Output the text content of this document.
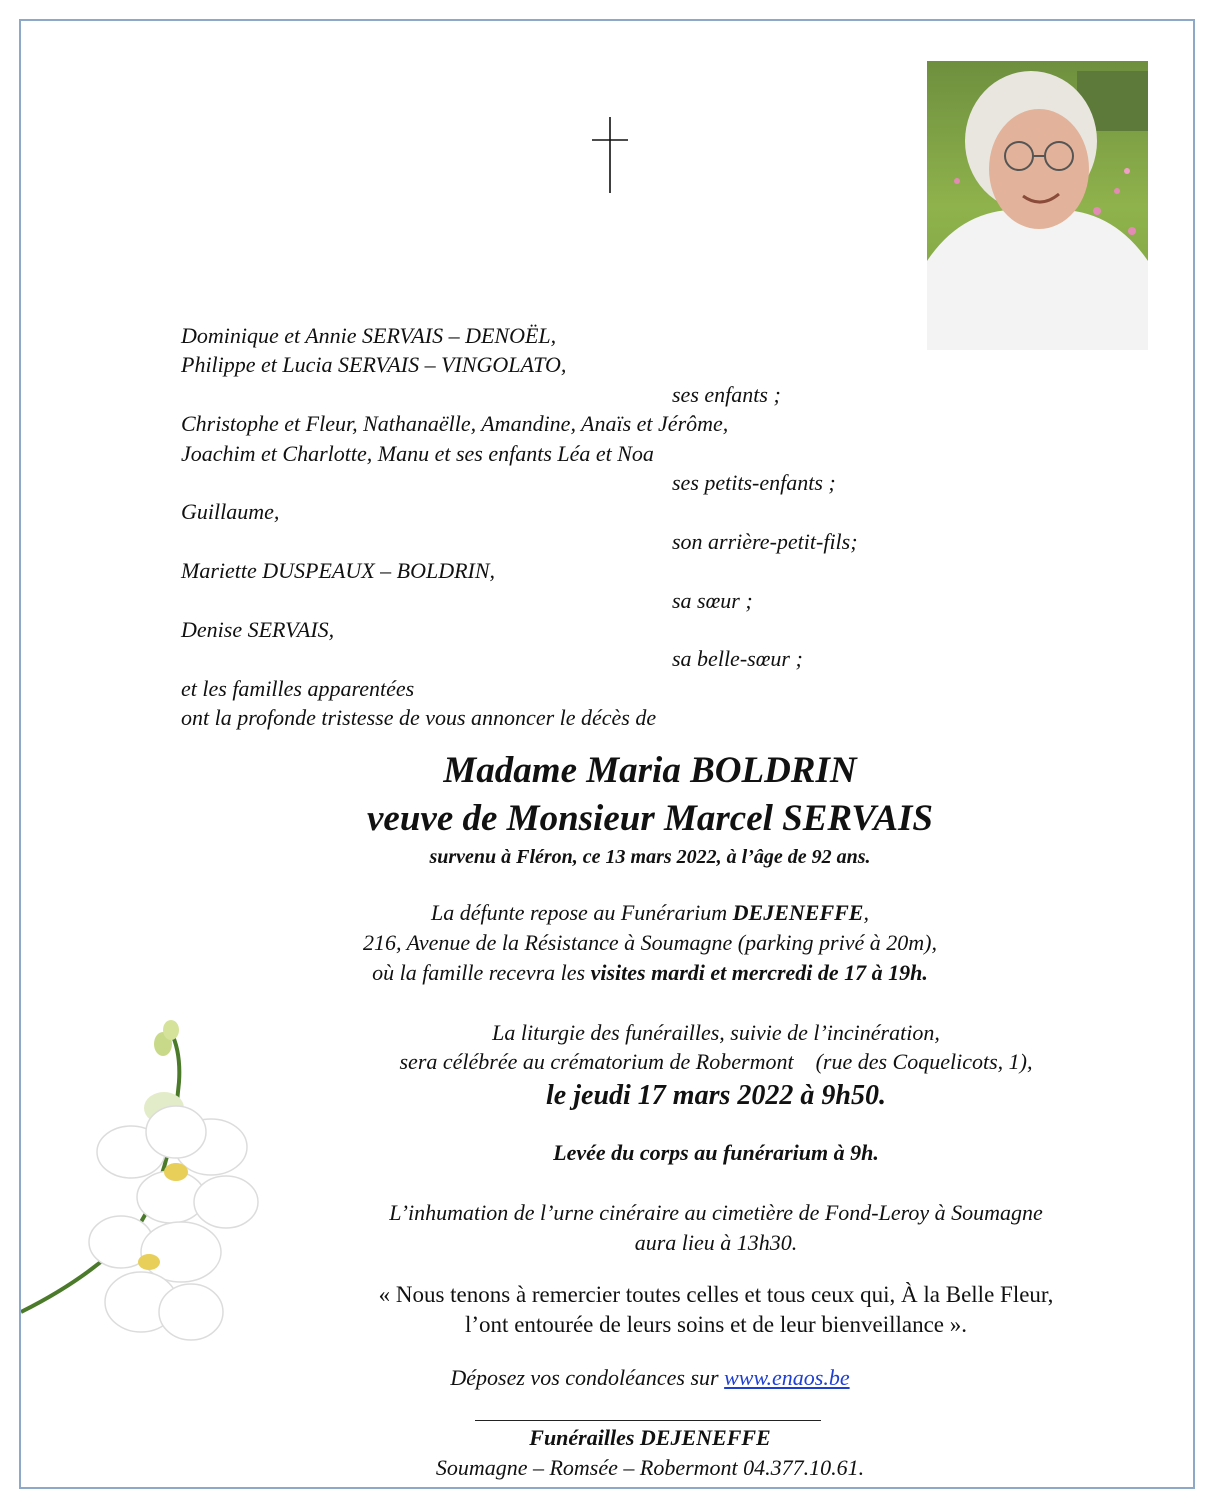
Dominique et Annie SERVAIS – DENOËL,
Philippe et Lucia SERVAIS – VINGOLATO,
ses enfants ;
Christophe et Fleur, Nathanaëlle, Amandine, Anaïs et Jérôme,
Joachim et Charlotte, Manu et ses enfants Léa et Noa
ses petits-enfants ;
Guillaume,
son arrière-petit-fils;
Mariette DUSPEAUX – BOLDRIN,
sa sœur ;
Denise SERVAIS,
sa belle-sœur ;
et les familles apparentées
ont la profonde tristesse de vous annoncer le décès de
Madame Maria BOLDRIN
veuve de Monsieur Marcel SERVAIS
survenu à Fléron, ce 13 mars 2022, à l’âge de 92 ans.
La défunte repose au Funérarium DEJENEFFE,
216, Avenue de la Résistance à Soumagne (parking privé à 20m),
où la famille recevra les visites mardi et mercredi de 17 à 19h.
La liturgie des funérailles, suivie de l’incinération,
sera célébrée au crématorium de Robermont    (rue des Coquelicots, 1),
le jeudi 17 mars 2022 à 9h50.
Levée du corps au funérarium à 9h.
L’inhumation de l’urne cinéraire au cimetière de Fond-Leroy à Soumagne
aura lieu à 13h30.
« Nous tenons à remercier toutes celles et tous ceux qui, À la Belle Fleur,
l’ont entourée de leurs soins et de leur bienveillance ».
Déposez vos condoléances sur www.enaos.be
Funérailles DEJENEFFE
Soumagne – Romsée – Robermont 04.377.10.61.
